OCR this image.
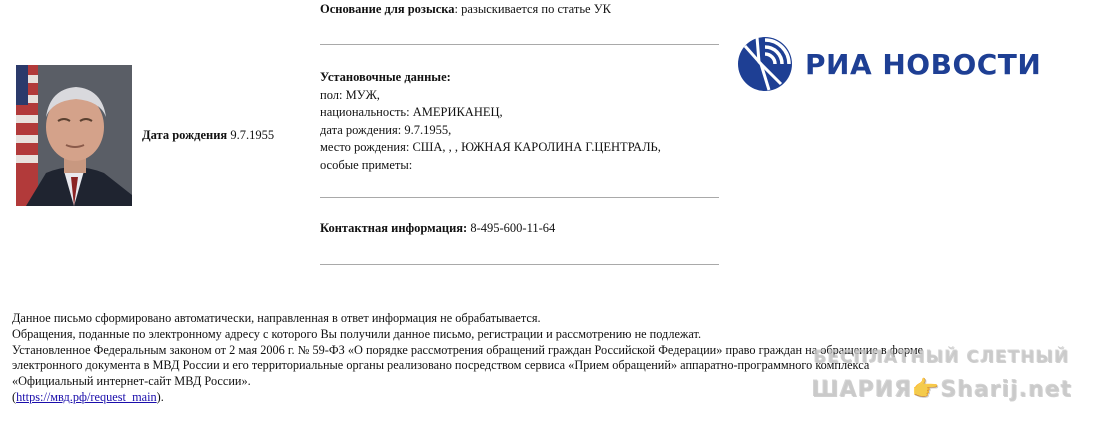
Дата рождения 9.7.1955
Основание для розыска: разыскивается по статье УК
Установочные данные:
пол: МУЖ,
национальность: АМЕРИКАНЕЦ,
дата рождения: 9.7.1955,
место рождения: США, , , ЮЖНАЯ КАРОЛИНА Г.ЦЕНТРАЛЬ,
особые приметы:
Контактная информация: 8-495-600-11-64
РИА НОВОСТИ
Данное письмо сформировано автоматически, направленная в ответ информация не обрабатывается.
Обращения, поданные по электронному адресу с которого Вы получили данное письмо, регистрации и рассмотрению не подлежат.
Установленное Федеральным законом от 2 мая 2006 г. № 59-ФЗ «О порядке рассмотрения обращений граждан Российской Федерации» право граждан на обращение в форме
электронного документа в МВД России и его территориальные органы реализовано посредством сервиса «Прием обращений» аппаратно-программного комплекса
«Официальный интернет-сайт МВД России».
(https://мвд.рф/request_main).
БЕСПЛАТНЫЙ СЛЕТНЫЙ
ШАРИЯ👉Sharij.net
